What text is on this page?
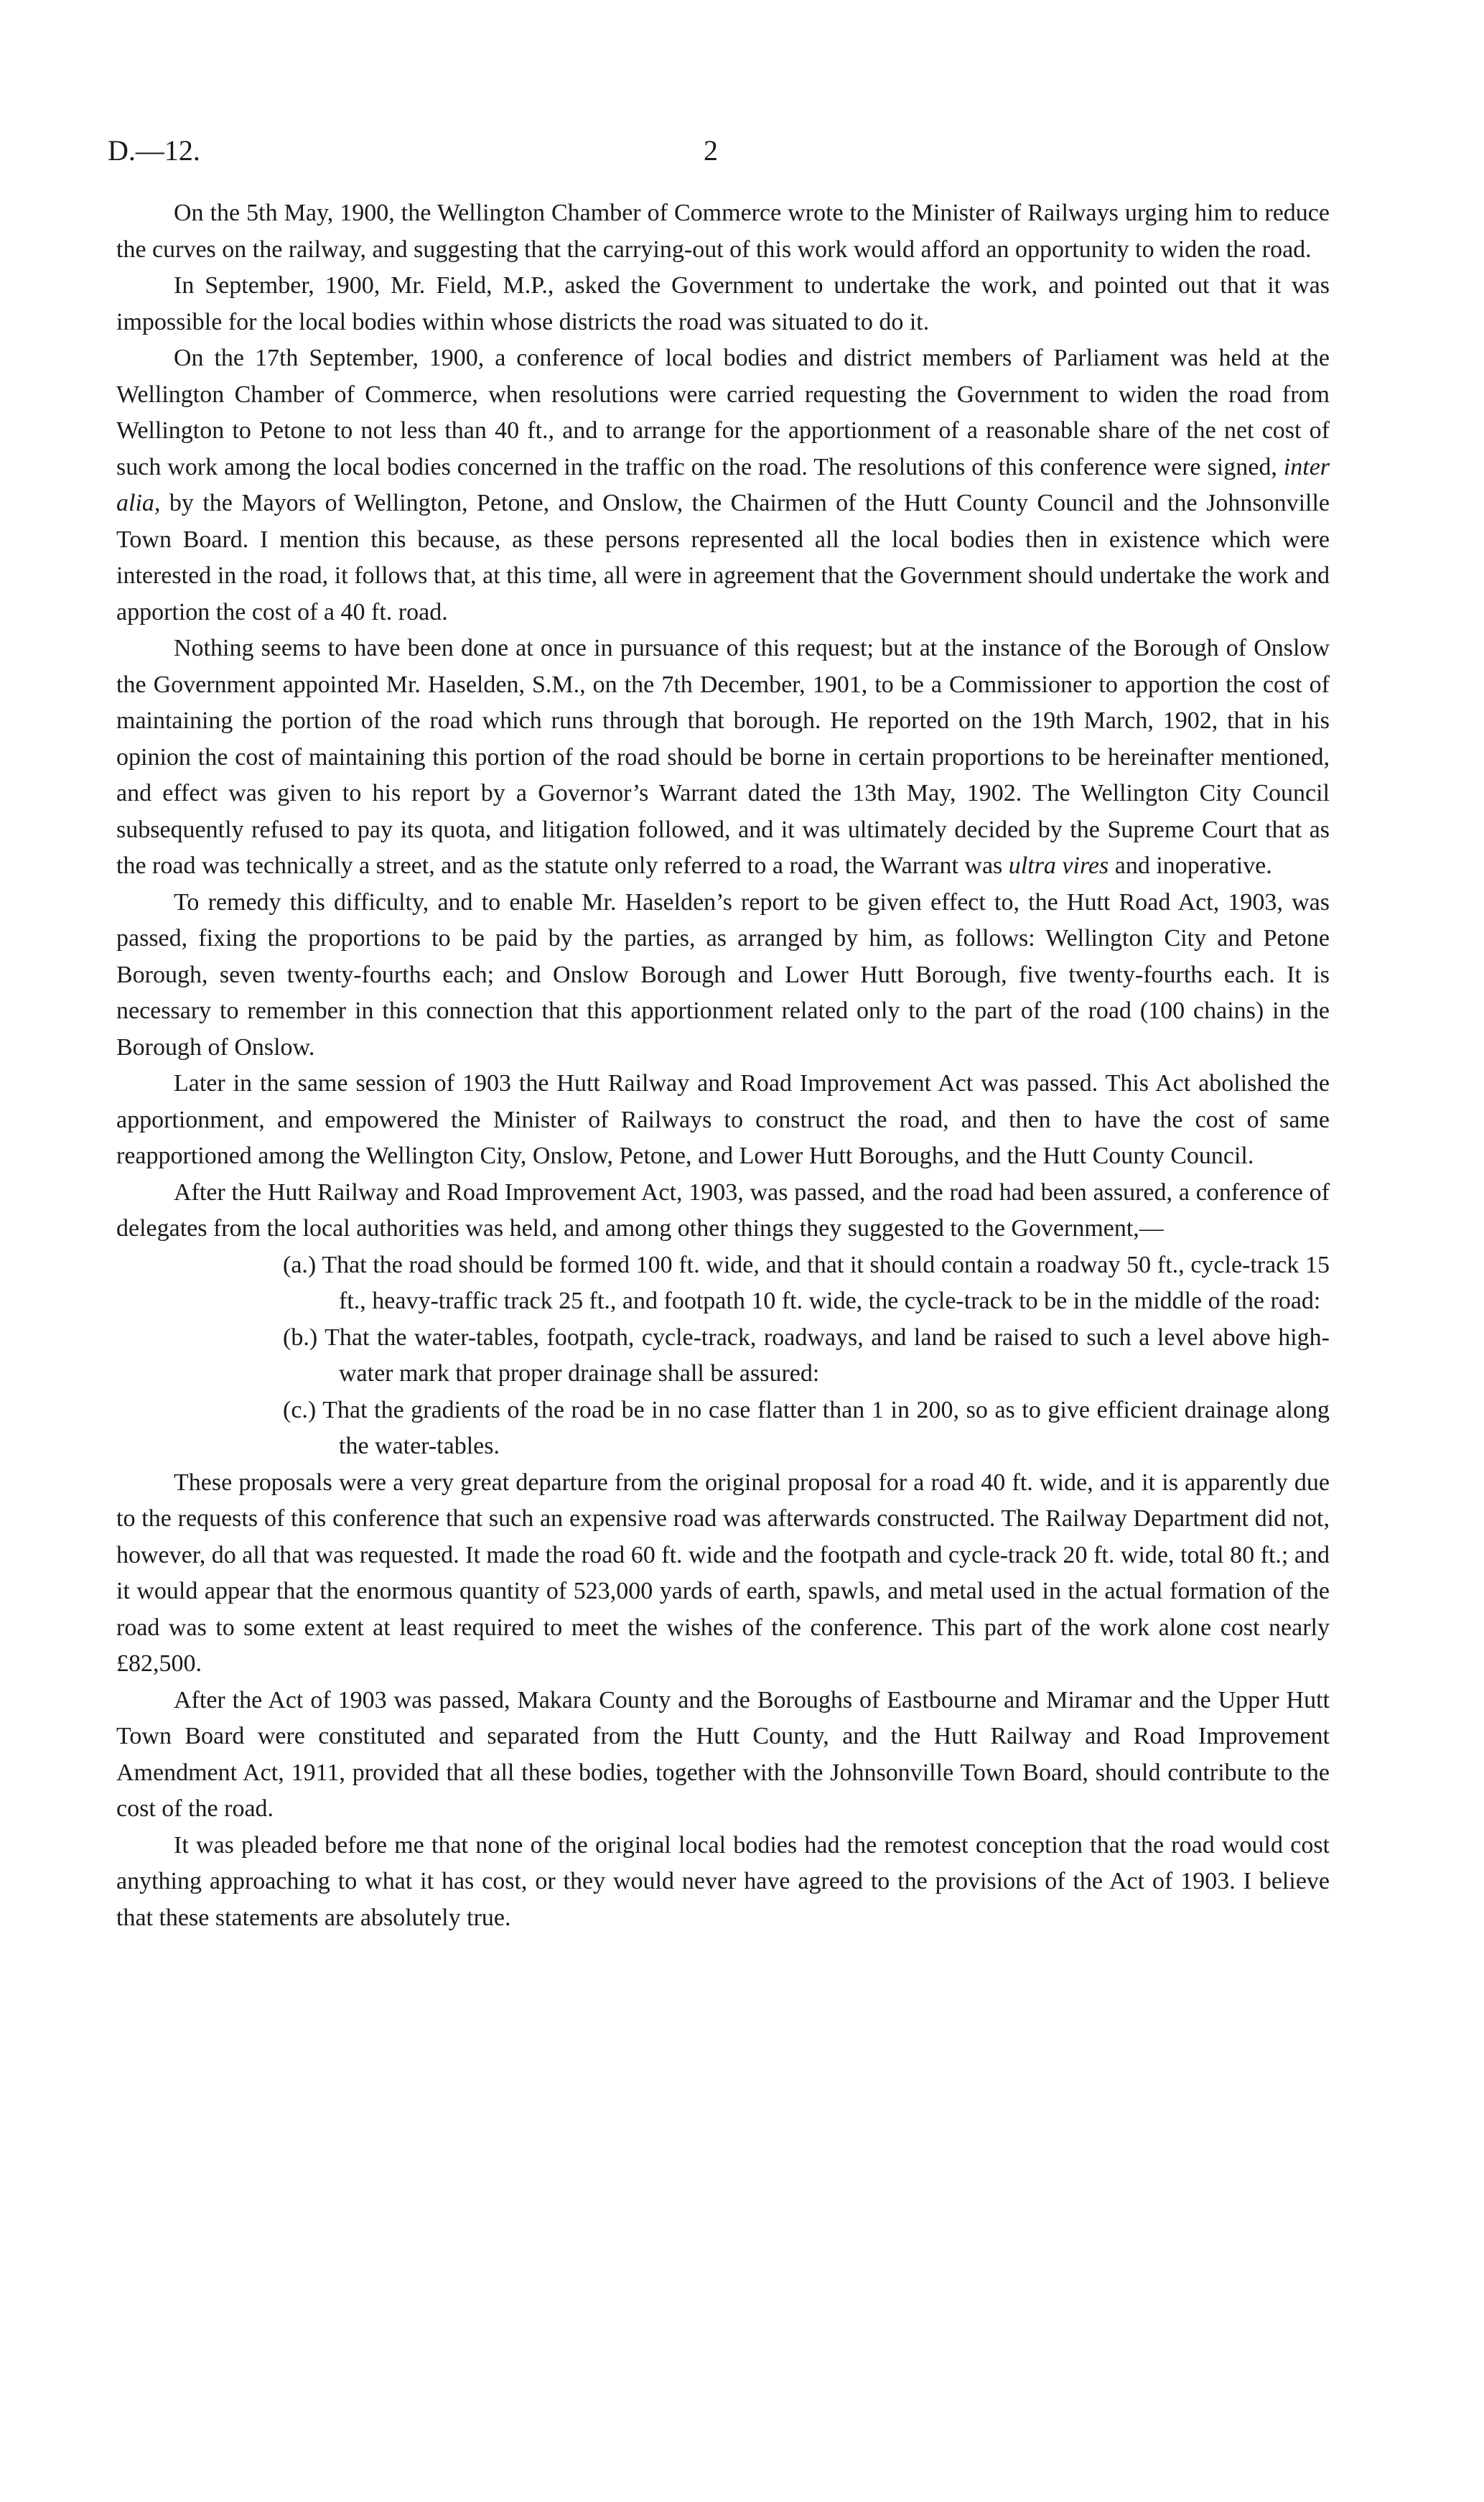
D.—12.	2

On the 5th May, 1900, the Wellington Chamber of Commerce wrote to the Minister of Railways urging him to reduce the curves on the railway, and suggesting that the carrying-out of this work would afford an opportunity to widen the road.

In September, 1900, Mr. Field, M.P., asked the Government to undertake the work, and pointed out that it was impossible for the local bodies within whose districts the road was situated to do it.

On the 17th September, 1900, a conference of local bodies and district members of Parliament was held at the Wellington Chamber of Commerce, when resolutions were carried requesting the Government to widen the road from Wellington to Petone to not less than 40 ft., and to arrange for the apportionment of a reasonable share of the net cost of such work among the local bodies concerned in the traffic on the road. The resolutions of this conference were signed, inter alia, by the Mayors of Wellington, Petone, and Onslow, the Chairmen of the Hutt County Council and the Johnsonville Town Board. I mention this because, as these persons represented all the local bodies then in existence which were interested in the road, it follows that, at this time, all were in agreement that the Government should undertake the work and apportion the cost of a 40 ft. road.

Nothing seems to have been done at once in pursuance of this request; but at the instance of the Borough of Onslow the Government appointed Mr. Haselden, S.M., on the 7th December, 1901, to be a Commissioner to apportion the cost of maintaining the portion of the road which runs through that borough. He reported on the 19th March, 1902, that in his opinion the cost of maintaining this portion of the road should be borne in certain proportions to be hereinafter mentioned, and effect was given to his report by a Governor’s Warrant dated the 13th May, 1902. The Wellington City Council subsequently refused to pay its quota, and litigation followed, and it was ultimately decided by the Supreme Court that as the road was technically a street, and as the statute only referred to a road, the Warrant was ultra vires and inoperative.

To remedy this difficulty, and to enable Mr. Haselden’s report to be given effect to, the Hutt Road Act, 1903, was passed, fixing the proportions to be paid by the parties, as arranged by him, as follows: Wellington City and Petone Borough, seven twenty-fourths each; and Onslow Borough and Lower Hutt Borough, five twenty-fourths each. It is necessary to remember in this connection that this apportionment related only to the part of the road (100 chains) in the Borough of Onslow.

Later in the same session of 1903 the Hutt Railway and Road Improvement Act was passed. This Act abolished the apportionment, and empowered the Minister of Railways to construct the road, and then to have the cost of same reapportioned among the Wellington City, Onslow, Petone, and Lower Hutt Boroughs, and the Hutt County Council.

After the Hutt Railway and Road Improvement Act, 1903, was passed, and the road had been assured, a conference of delegates from the local authorities was held, and among other things they suggested to the Government,—

(a.) That the road should be formed 100 ft. wide, and that it should contain a roadway 50 ft., cycle-track 15 ft., heavy-traffic track 25 ft., and footpath 10 ft. wide, the cycle-track to be in the middle of the road:
(b.) That the water-tables, footpath, cycle-track, roadways, and land be raised to such a level above high-water mark that proper drainage shall be assured:
(c.) That the gradients of the road be in no case flatter than 1 in 200, so as to give efficient drainage along the water-tables.

These proposals were a very great departure from the original proposal for a road 40 ft. wide, and it is apparently due to the requests of this conference that such an expensive road was afterwards constructed. The Railway Department did not, however, do all that was requested. It made the road 60 ft. wide and the footpath and cycle-track 20 ft. wide, total 80 ft.; and it would appear that the enormous quantity of 523,000 yards of earth, spawls, and metal used in the actual formation of the road was to some extent at least required to meet the wishes of the conference. This part of the work alone cost nearly £82,500.

After the Act of 1903 was passed, Makara County and the Boroughs of Eastbourne and Miramar and the Upper Hutt Town Board were constituted and separated from the Hutt County, and the Hutt Railway and Road Improvement Amendment Act, 1911, provided that all these bodies, together with the Johnsonville Town Board, should contribute to the cost of the road.

It was pleaded before me that none of the original local bodies had the remotest conception that the road would cost anything approaching to what it has cost, or they would never have agreed to the provisions of the Act of 1903. I believe that these statements are absolutely true.
